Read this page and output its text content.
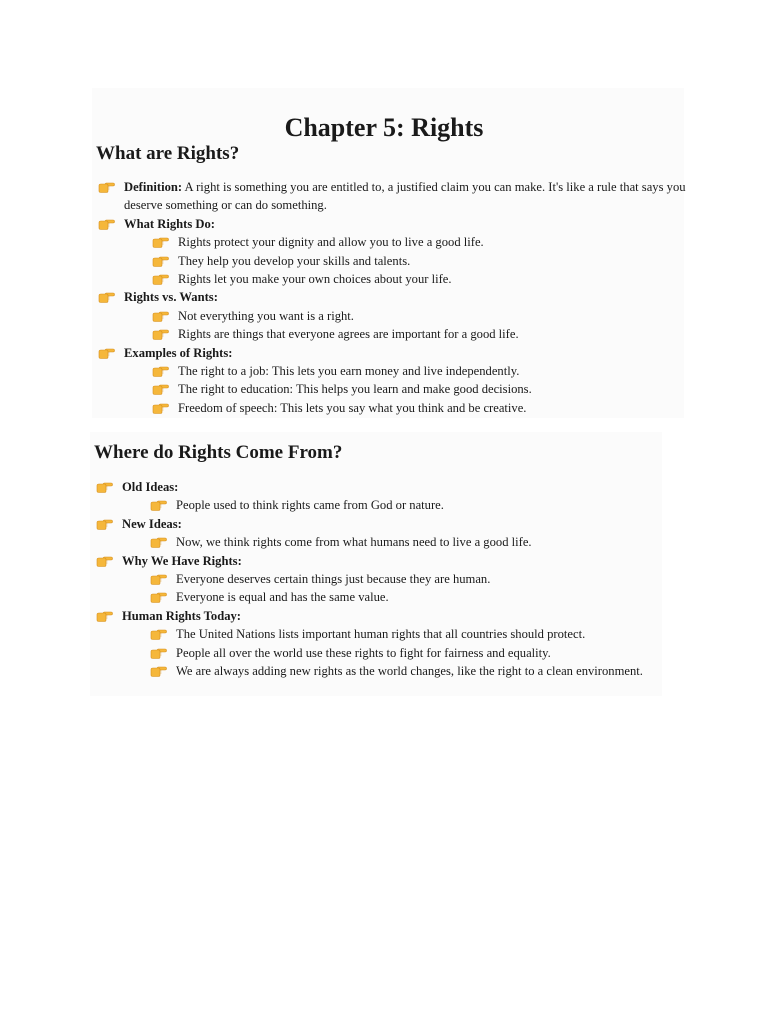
Chapter 5: Rights
What are Rights?
Definition: A right is something you are entitled to, a justified claim you can make. It's like a rule that says you deserve something or can do something.
What Rights Do:
Rights protect your dignity and allow you to live a good life.
They help you develop your skills and talents.
Rights let you make your own choices about your life.
Rights vs. Wants:
Not everything you want is a right.
Rights are things that everyone agrees are important for a good life.
Examples of Rights:
The right to a job: This lets you earn money and live independently.
The right to education: This helps you learn and make good decisions.
Freedom of speech: This lets you say what you think and be creative.
Where do Rights Come From?
Old Ideas:
People used to think rights came from God or nature.
New Ideas:
Now, we think rights come from what humans need to live a good life.
Why We Have Rights:
Everyone deserves certain things just because they are human.
Everyone is equal and has the same value.
Human Rights Today:
The United Nations lists important human rights that all countries should protect.
People all over the world use these rights to fight for fairness and equality.
We are always adding new rights as the world changes, like the right to a clean environment.
